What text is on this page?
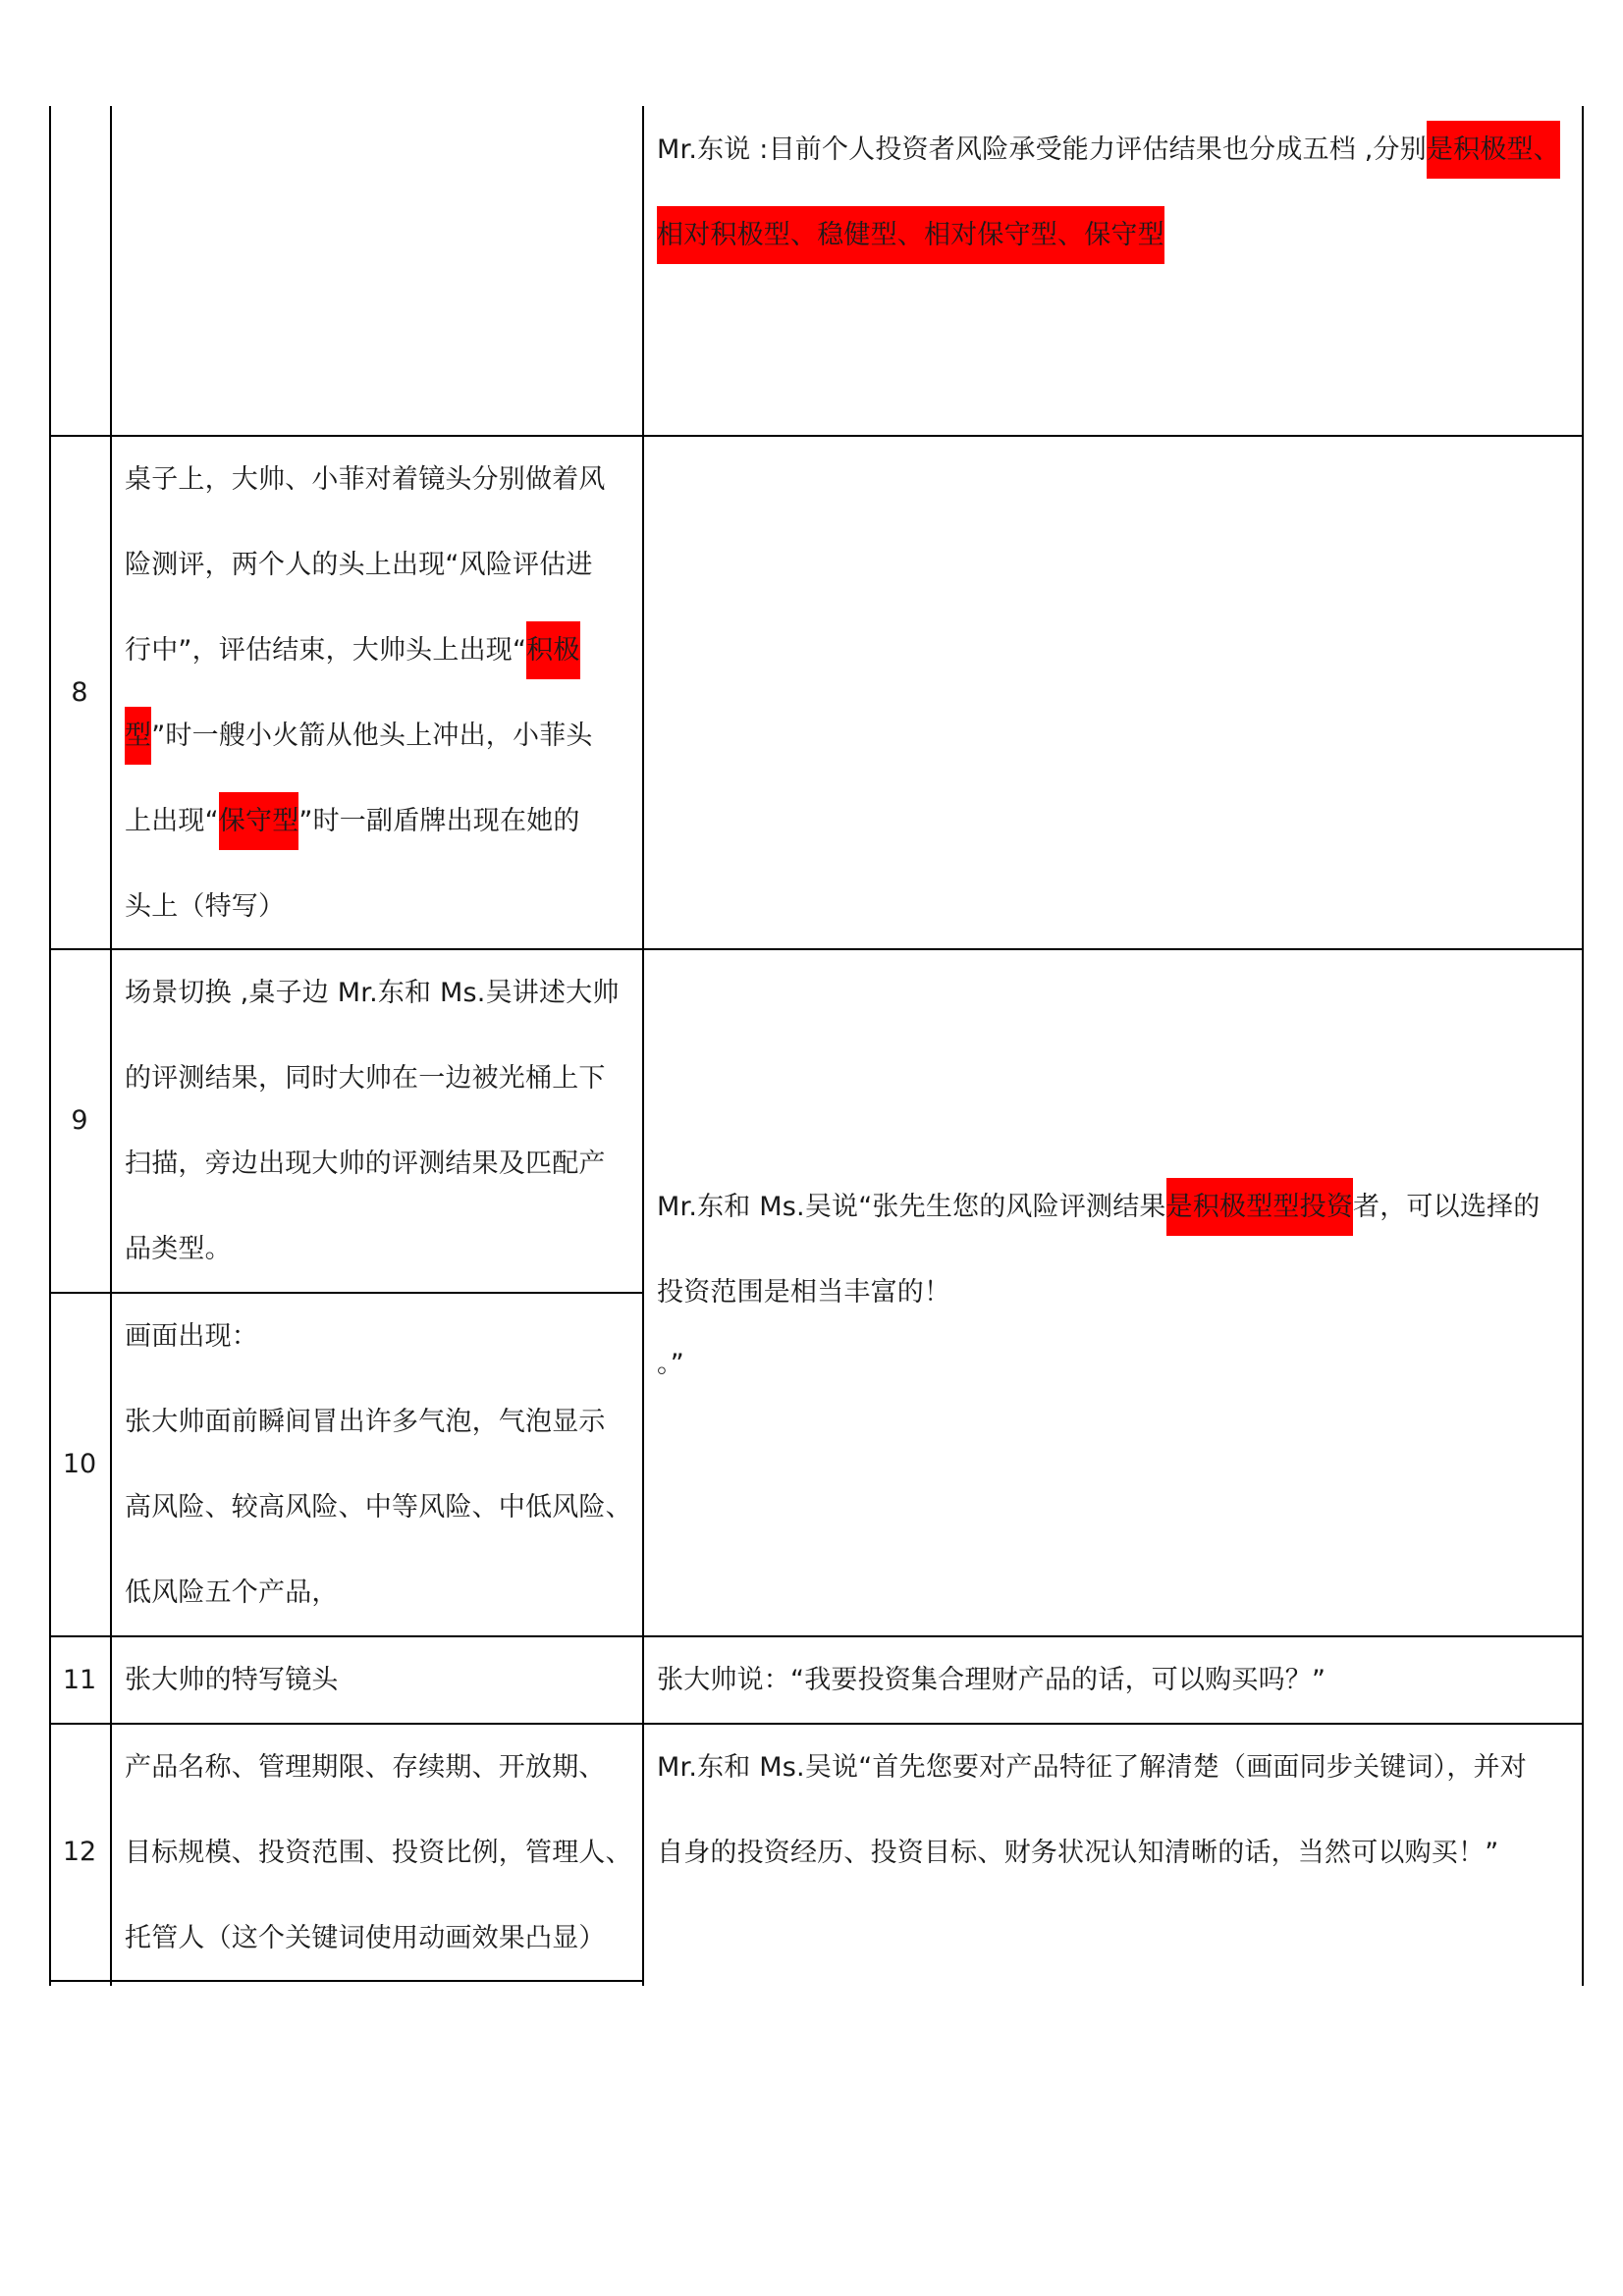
Mr.东说 :目前个人投资者风险承受能力评估结果也分成五档 ,分别是积极型、
相对积极型、稳健型、相对保守型、保守型
8
桌子上，大帅、小菲对着镜头分别做着风
险测评，两个人的头上出现“风险评估进
行中”，评估结束，大帅头上出现“积极
型”时一艘小火箭从他头上冲出，小菲头
上出现“保守型”时一副盾牌出现在她的
头上（特写）
9
场景切换 ,桌子边 Mr.东和 Ms.吴讲述大帅
的评测结果，同时大帅在一边被光桶上下
扫描，旁边出现大帅的评测结果及匹配产
品类型。
10
画面出现：
张大帅面前瞬间冒出许多气泡，气泡显示
高风险、较高风险、中等风险、中低风险、
低风险五个产品，
Mr.东和 Ms.吴说“张先生您的风险评测结果是积极型型投资者，可以选择的
投资范围是相当丰富的！
。”
11	张大帅的特写镜头	张大帅说：“我要投资集合理财产品的话，可以购买吗？”
12
产品名称、管理期限、存续期、开放期、
目标规模、投资范围、投资比例，管理人、
托管人（这个关键词使用动画效果凸显）
Mr.东和 Ms.吴说“首先您要对产品特征了解清楚（画面同步关键词），并对
自身的投资经历、投资目标、财务状况认知清晰的话，当然可以购买！”
